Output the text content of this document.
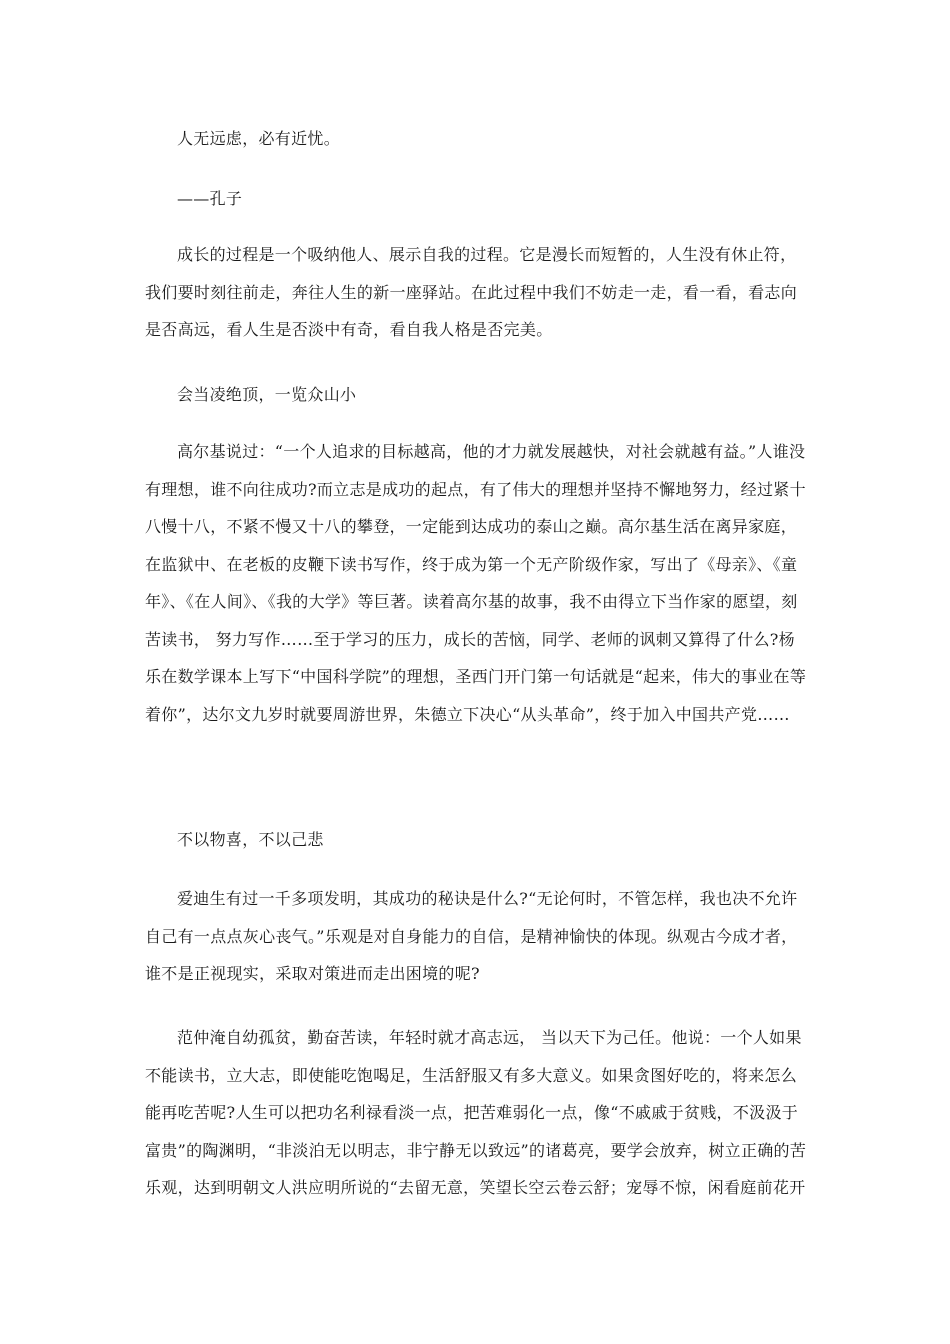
人无远虑，必有近忧。

——孔子

成长的过程是一个吸纳他人、展示自我的过程。它是漫长而短暂的，人生没有休止符，我们要时刻往前走，奔往人生的新一座驿站。在此过程中我们不妨走一走，看一看，看志向是否高远，看人生是否淡中有奇，看自我人格是否完美。

会当凌绝顶，一览众山小

高尔基说过：“一个人追求的目标越高，他的才力就发展越快，对社会就越有益。”人谁没有理想，谁不向往成功?而立志是成功的起点，有了伟大的理想并坚持不懈地努力，经过紧十八慢十八，不紧不慢又十八的攀登，一定能到达成功的泰山之巅。高尔基生活在离异家庭，在监狱中、在老板的皮鞭下读书写作，终于成为第一个无产阶级作家，写出了《母亲》、《童年》、《在人间》、《我的大学》等巨著。读着高尔基的故事，我不由得立下当作家的愿望，刻苦读书， 努力写作……至于学习的压力，成长的苦恼，同学、老师的讽刺又算得了什么?杨乐在数学课本上写下“中国科学院”的理想，圣西门开门第一句话就是“起来，伟大的事业在等着你”，达尔文九岁时就要周游世界，朱德立下决心“从头革命”，终于加入中国共产党……

不以物喜，不以己悲

爱迪生有过一千多项发明，其成功的秘诀是什么?“无论何时，不管怎样，我也决不允许自己有一点点灰心丧气。”乐观是对自身能力的自信，是精神愉快的体现。纵观古今成才者，谁不是正视现实，采取对策进而走出困境的呢?

范仲淹自幼孤贫，勤奋苦读，年轻时就才高志远， 当以天下为己任。他说：一个人如果不能读书，立大志，即使能吃饱喝足，生活舒服又有多大意义。如果贪图好吃的，将来怎么能再吃苦呢?人生可以把功名利禄看淡一点，把苦难弱化一点，像“不戚戚于贫贱，不汲汲于富贵”的陶渊明，“非淡泊无以明志，非宁静无以致远”的诸葛亮，要学会放弃，树立正确的苦乐观，达到明朝文人洪应明所说的“去留无意，笑望长空云卷云舒；宠辱不惊，闲看庭前花开
